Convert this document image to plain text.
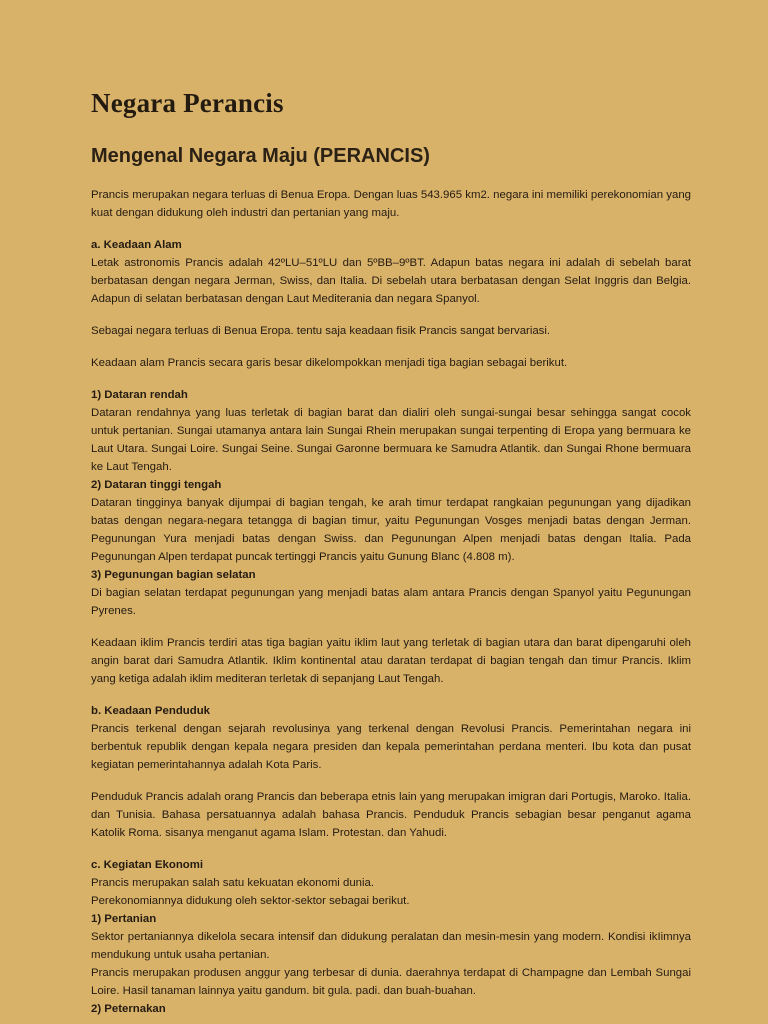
Negara Perancis
Mengenal Negara Maju (PERANCIS)

Prancis merupakan negara terluas di Benua Eropa. Dengan luas 543.965 km2. negara ini memiliki perekonomian yang kuat dengan didukung oleh industri dan pertanian yang maju.

a. Keadaan Alam

Letak astronomis Prancis adalah 42ºLU–51ºLU dan 5ºBB–9ºBT. Adapun batas negara ini adalah di sebelah barat berbatasan dengan negara Jerman, Swiss, dan Italia. Di sebelah utara berbatasan dengan Selat Inggris dan Belgia. Adapun di selatan berbatasan dengan Laut Mediterania dan negara Spanyol.

Sebagai negara terluas di Benua Eropa. tentu saja keadaan fisik Prancis sangat bervariasi.

Keadaan alam Prancis secara garis besar dikelompokkan menjadi tiga bagian sebagai berikut.

1) Dataran rendah

Dataran rendahnya yang luas terletak di bagian barat dan dialiri oleh sungai-sungai besar sehingga sangat cocok untuk pertanian. Sungai utamanya antara lain Sungai Rhein merupakan sungai terpenting di Eropa yang bermuara ke Laut Utara. Sungai Loire. Sungai Seine. Sungai Garonne bermuara ke Samudra Atlantik. dan Sungai Rhone bermuara ke Laut Tengah.

2) Dataran tinggi tengah

Dataran tingginya banyak dijumpai di bagian tengah, ke arah timur terdapat rangkaian pegunungan yang dijadikan batas dengan negara-negara tetangga di bagian timur, yaitu Pegunungan Vosges menjadi batas dengan Jerman. Pegunungan Yura menjadi batas dengan Swiss. dan Pegunungan Alpen menjadi batas dengan Italia. Pada Pegunungan Alpen terdapat puncak tertinggi Prancis yaitu Gunung Blanc (4.808 m).

3) Pegunungan bagian selatan

Di bagian selatan terdapat pegunungan yang menjadi batas alam antara Prancis dengan Spanyol yaitu Pegunungan Pyrenes.

Keadaan iklim Prancis terdiri atas tiga bagian yaitu iklim laut yang terletak di bagian utara dan barat dipengaruhi oleh angin barat dari Samudra Atlantik. Iklim kontinental atau daratan terdapat di bagian tengah dan timur Prancis. Iklim yang ketiga adalah iklim mediteran terletak di sepanjang Laut Tengah.

b. Keadaan Penduduk

Prancis terkenal dengan sejarah revolusinya yang terkenal dengan Revolusi Prancis. Pemerintahan negara ini berbentuk republik dengan kepala negara presiden dan kepala pemerintahan perdana menteri. Ibu kota dan pusat kegiatan pemerintahannya adalah Kota Paris.

Penduduk Prancis adalah orang Prancis dan beberapa etnis lain yang merupakan imigran dari Portugis, Maroko. Italia. dan Tunisia. Bahasa persatuannya adalah bahasa Prancis. Penduduk Prancis sebagian besar penganut agama Katolik Roma. sisanya menganut agama Islam. Protestan. dan Yahudi.

c. Kegiatan Ekonomi

Prancis merupakan salah satu kekuatan ekonomi dunia.

Perekonomiannya didukung oleh sektor-sektor sebagai berikut.

1) Pertanian

Sektor pertaniannya dikelola secara intensif dan didukung peralatan dan mesin-mesin yang modern. Kondisi ikIimnya mendukung untuk usaha pertanian.

Prancis merupakan produsen anggur yang terbesar di dunia. daerahnya terdapat di Champagne dan Lembah Sungai Loire. Hasil tanaman lainnya yaitu gandum. bit gula. padi. dan buah-buahan.

2) Peternakan
